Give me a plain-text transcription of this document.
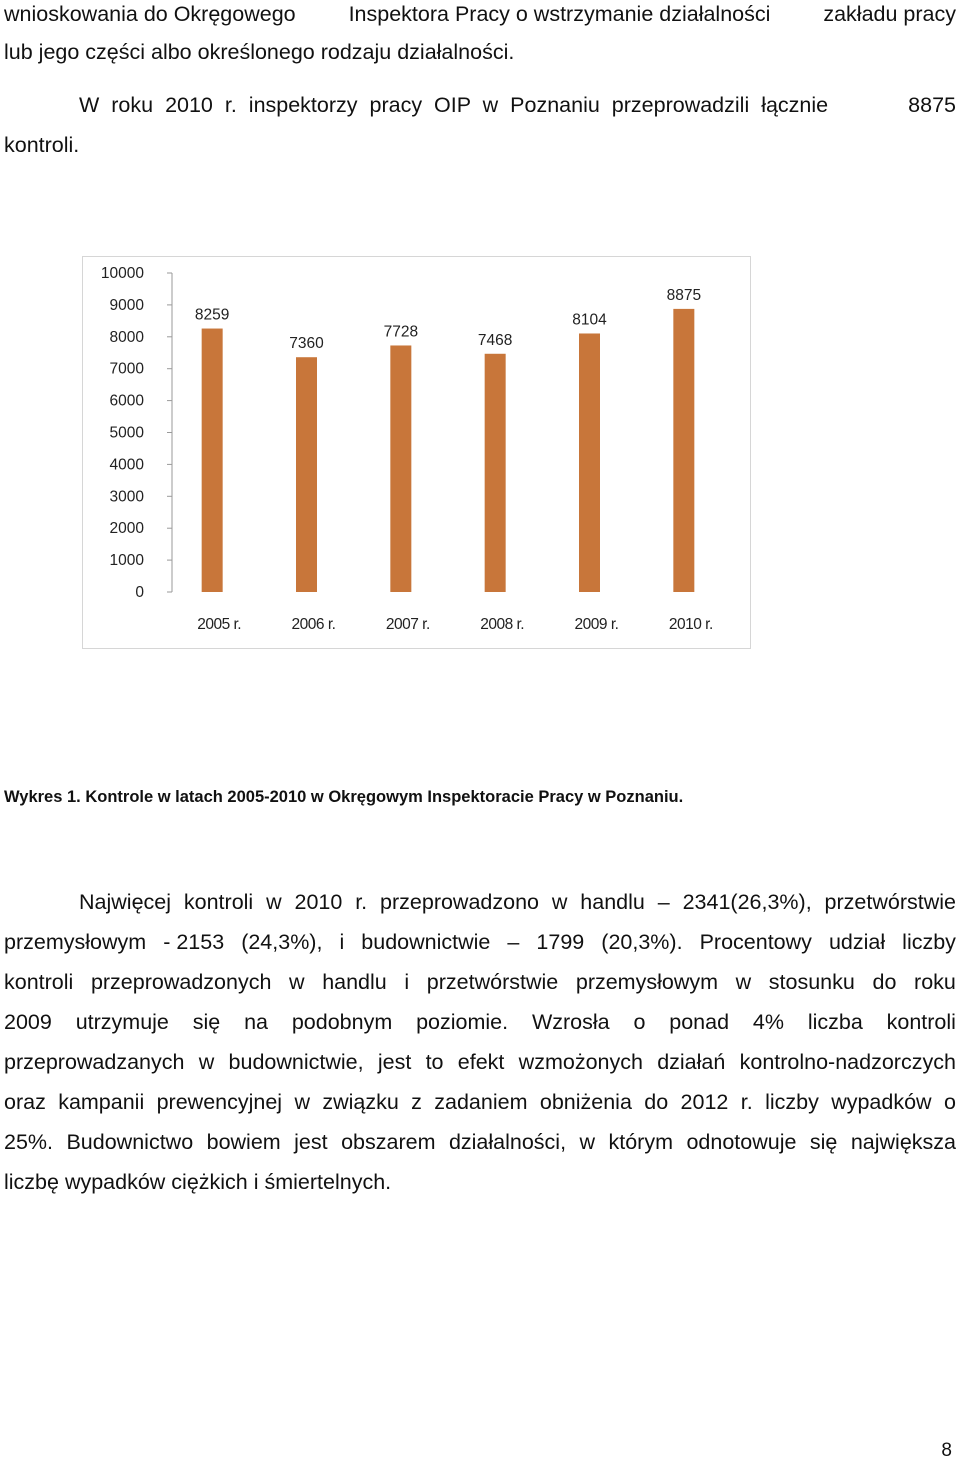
wnioskowania do Okręgowego Inspektora Pracy o wstrzymanie działalności zakładu pracy
lub jego części albo określonego rodzaju działalności.
W roku 2010 r. inspektorzy pracy OIP w Poznaniu przeprowadzili łącznie	8875
kontroli.
0
1000
2000
3000
4000
5000
6000
7000
8000
9000
10000
8259
2005 r.
7360
2006 r.
7728
2007 r.
7468
2008 r.
8104
2009 r.
8875
2010 r.
Wykres 1. Kontrole w latach 2005-2010 w Okręgowym Inspektoracie Pracy w Poznaniu.
Najwięcej kontroli w 2010 r. przeprowadzono w handlu – 2341(26,3%), przetwórstwie
przemysłowym - 2153 (24,3%), i budownictwie – 1799 (20,3%). Procentowy udział liczby
kontroli przeprowadzonych w handlu i przetwórstwie przemysłowym w stosunku do roku
2009 utrzymuje się na podobnym poziomie. Wzrosła o ponad 4% liczba kontroli
przeprowadzanych w budownictwie, jest to efekt wzmożonych działań kontrolno-nadzorczych
oraz kampanii prewencyjnej w związku z zadaniem obniżenia do 2012 r. liczby wypadków o
25%. Budownictwo bowiem jest obszarem działalności, w którym odnotowuje się największa
liczbę wypadków ciężkich i śmiertelnych.
8
